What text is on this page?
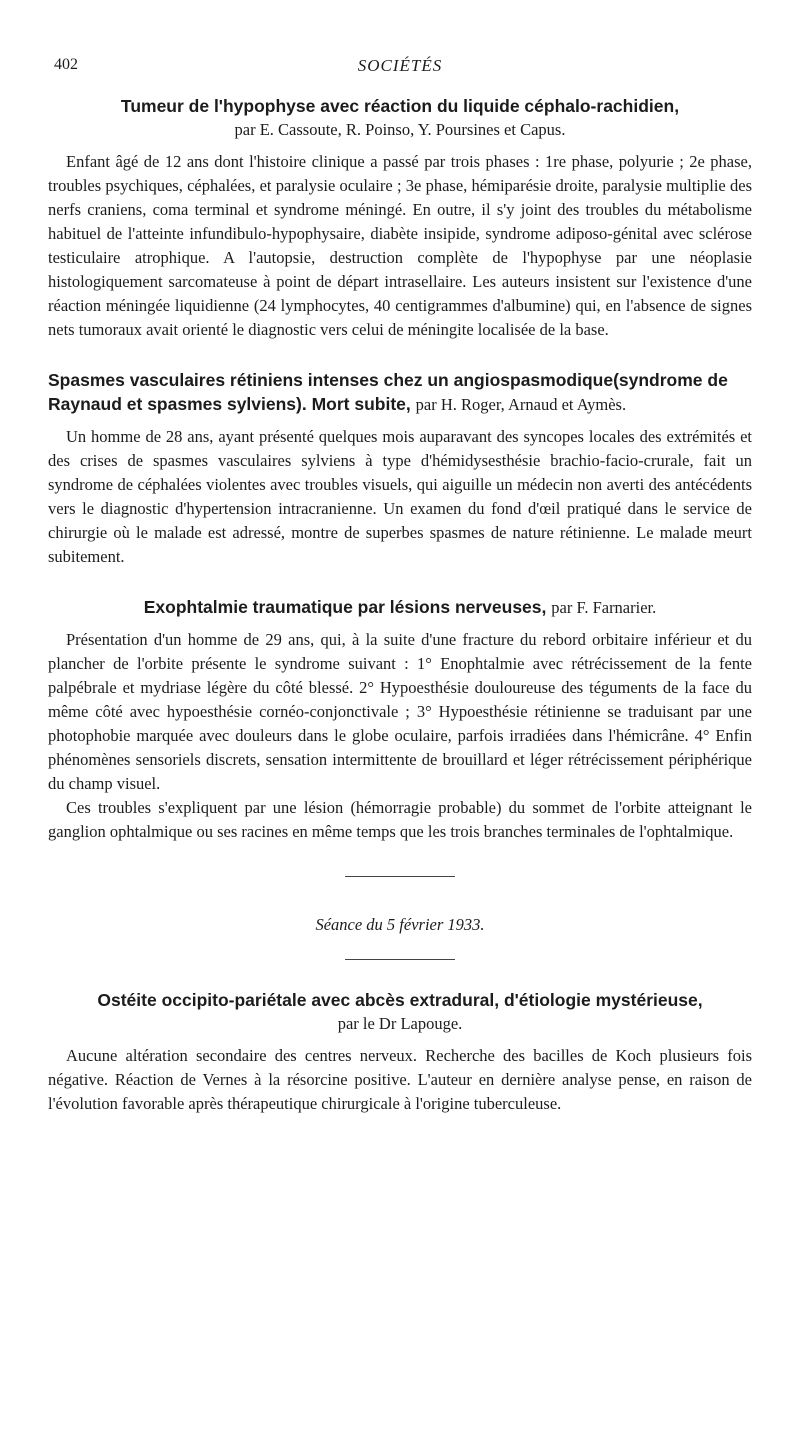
402	SOCIÉTÉS

Tumeur de l'hypophyse avec réaction du liquide céphalo-rachidien,

par E. Cassoute, R. Poinso, Y. Poursines et Capus.

Enfant âgé de 12 ans dont l'histoire clinique a passé par trois phases : 1re phase, polyurie ; 2e phase, troubles psychiques, céphalées, et paralysie oculaire ; 3e phase, hémiparésie droite, paralysie multiplie des nerfs craniens, coma terminal et syndrome méningé. En outre, il s'y joint des troubles du métabolisme habituel de l'atteinte infundibulo-hypophysaire, diabète insipide, syndrome adiposo-génital avec sclérose testiculaire atrophique. A l'autopsie, destruction complète de l'hypophyse par une néoplasie histologiquement sarcomateuse à point de départ intrasellaire. Les auteurs insistent sur l'existence d'une réaction méningée liquidienne (24 lymphocytes, 40 centigrammes d'albumine) qui, en l'absence de signes nets tumoraux avait orienté le diagnostic vers celui de méningite localisée de la base.

Spasmes vasculaires rétiniens intenses chez un angiospasmodique(syndrome de Raynaud et spasmes sylviens). Mort subite, par H. Roger, Arnaud et Aymès.

Un homme de 28 ans, ayant présenté quelques mois auparavant des syncopes locales des extrémités et des crises de spasmes vasculaires sylviens à type d'hémidysesthésie brachio-facio-crurale, fait un syndrome de céphalées violentes avec troubles visuels, qui aiguille un médecin non averti des antécédents vers le diagnostic d'hypertension intracranienne. Un examen du fond d'œil pratiqué dans le service de chirurgie où le malade est adressé, montre de superbes spasmes de nature rétinienne. Le malade meurt subitement.

Exophtalmie traumatique par lésions nerveuses, par F. Farnarier.

Présentation d'un homme de 29 ans, qui, à la suite d'une fracture du rebord orbitaire inférieur et du plancher de l'orbite présente le syndrome suivant : 1° Enophtalmie avec rétrécissement de la fente palpébrale et mydriase légère du côté blessé. 2° Hypoesthésie douloureuse des téguments de la face du même côté avec hypoesthésie cornéo-conjonctivale ; 3° Hypoesthésie rétinienne se traduisant par une photophobie marquée avec douleurs dans le globe oculaire, parfois irradiées dans l'hémicrâne. 4° Enfin phénomènes sensoriels discrets, sensation intermittente de brouillard et léger rétrécissement périphérique du champ visuel.

Ces troubles s'expliquent par une lésion (hémorragie probable) du sommet de l'orbite atteignant le ganglion ophtalmique ou ses racines en même temps que les trois branches terminales de l'ophtalmique.

Séance du 5 février 1933.

Ostéite occipito-pariétale avec abcès extradural, d'étiologie mystérieuse,

par le Dr Lapouge.

Aucune altération secondaire des centres nerveux. Recherche des bacilles de Koch plusieurs fois négative. Réaction de Vernes à la résorcine positive. L'auteur en dernière analyse pense, en raison de l'évolution favorable après thérapeutique chirurgicale à l'origine tuberculeuse.
